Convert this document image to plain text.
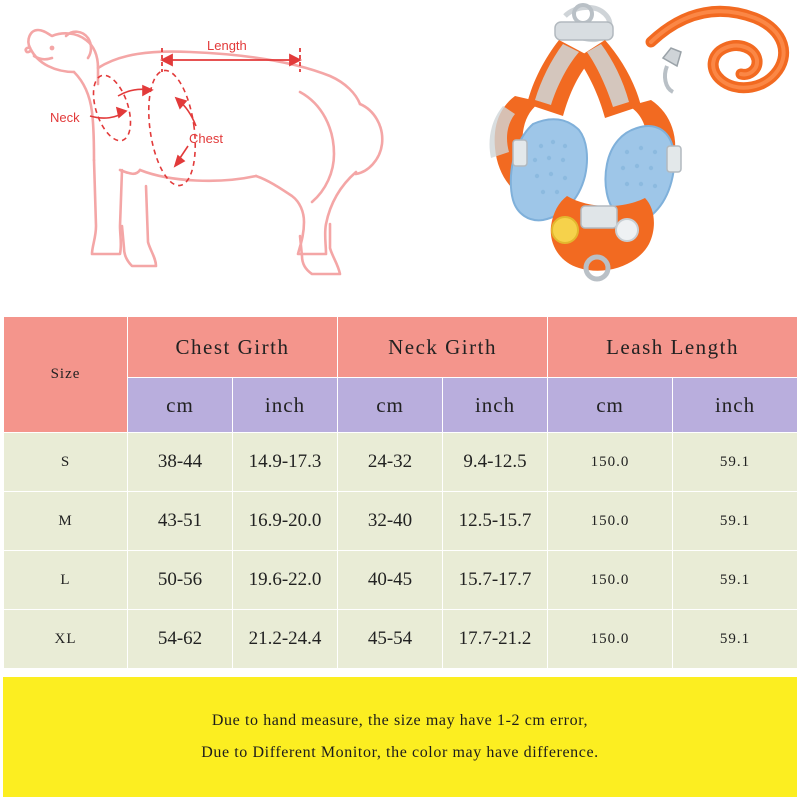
Length
Neck
Chest
Size	Chest Girth		Neck Girth		Leash Length	
	cm	inch	cm	inch	cm	inch
S	38-44	14.9-17.3	24-32	9.4-12.5	150.0	59.1
M	43-51	16.9-20.0	32-40	12.5-15.7	150.0	59.1
L	50-56	19.6-22.0	40-45	15.7-17.7	150.0	59.1
XL	54-62	21.2-24.4	45-54	17.7-21.2	150.0	59.1
Due to hand measure, the size may have 1-2 cm error,
Due to Different Monitor, the color may have difference.
